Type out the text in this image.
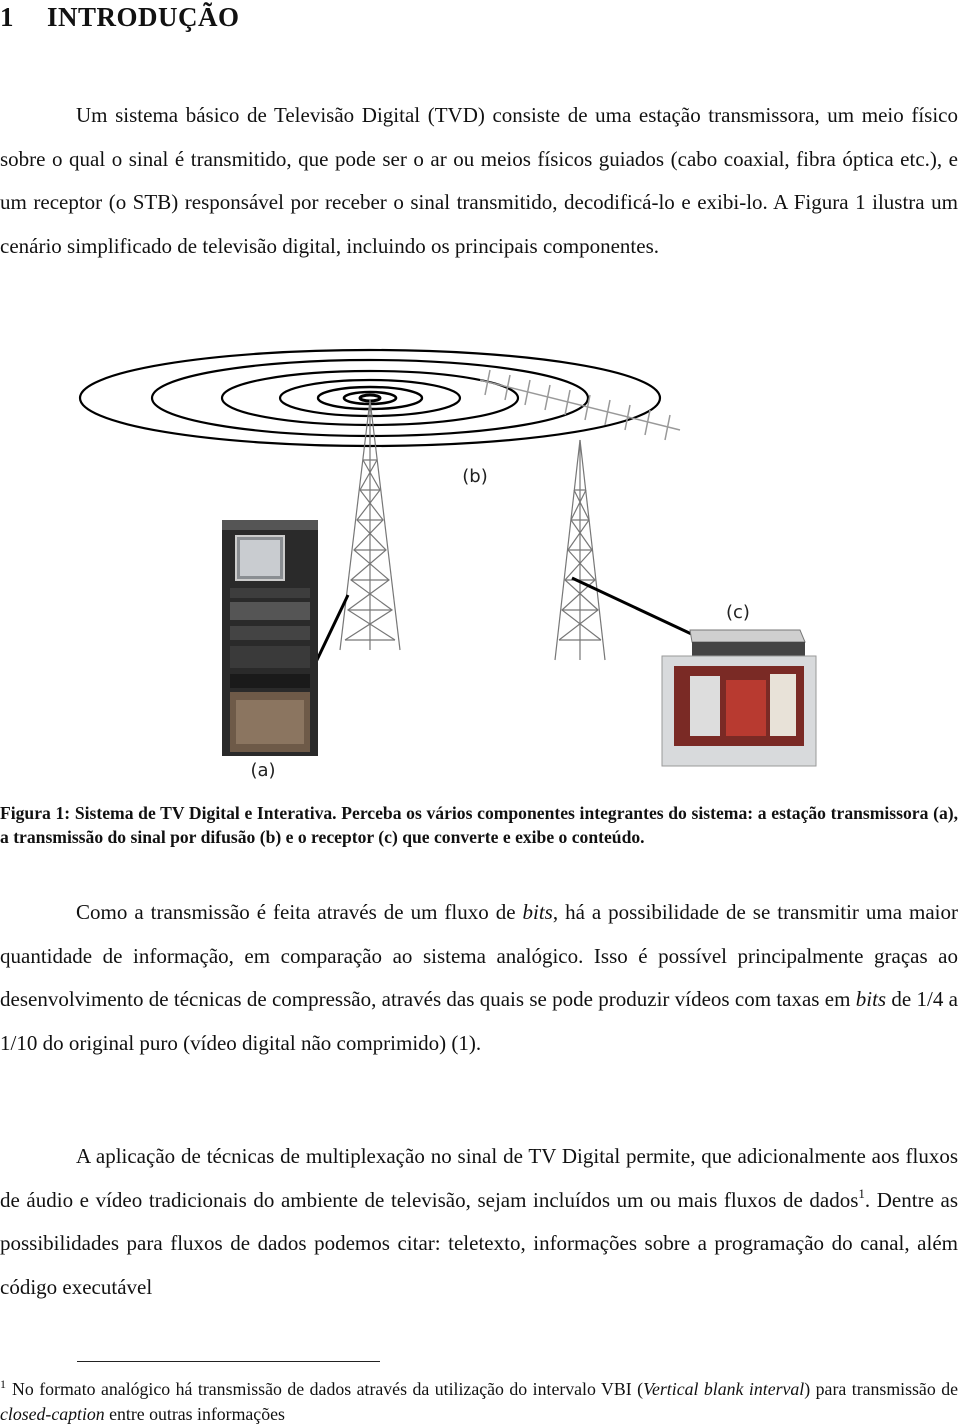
1 INTRODUÇÃO

Um sistema básico de Televisão Digital (TVD) consiste de uma estação transmissora, um meio físico sobre o qual o sinal é transmitido, que pode ser o ar ou meios físicos guiados (cabo coaxial, fibra óptica etc.), e um receptor (o STB) responsável por receber o sinal transmitido, decodificá-lo e exibi-lo. A Figura 1 ilustra um cenário simplificado de televisão digital, incluindo os principais componentes.

(b)
(c)
(a)

Figura 1: Sistema de TV Digital e Interativa. Perceba os vários componentes integrantes do sistema: a estação transmissora (a), a transmissão do sinal por difusão (b) e o receptor (c) que converte e exibe o conteúdo.

Como a transmissão é feita através de um fluxo de bits, há a possibilidade de se transmitir uma maior quantidade de informação, em comparação ao sistema analógico. Isso é possível principalmente graças ao desenvolvimento de técnicas de compressão, através das quais se pode produzir vídeos com taxas em bits de 1/4 a 1/10 do original puro (vídeo digital não comprimido) (1).

A aplicação de técnicas de multiplexação no sinal de TV Digital permite, que adicionalmente aos fluxos de áudio e vídeo tradicionais do ambiente de televisão, sejam incluídos um ou mais fluxos de dados$^1$. Dentre as possibilidades para fluxos de dados podemos citar: teletexto, informações sobre a programação do canal, além código executável

$^1$ No formato analógico há transmissão de dados através da utilização do intervalo VBI (Vertical blank interval) para transmissão de closed-caption entre outras informações
